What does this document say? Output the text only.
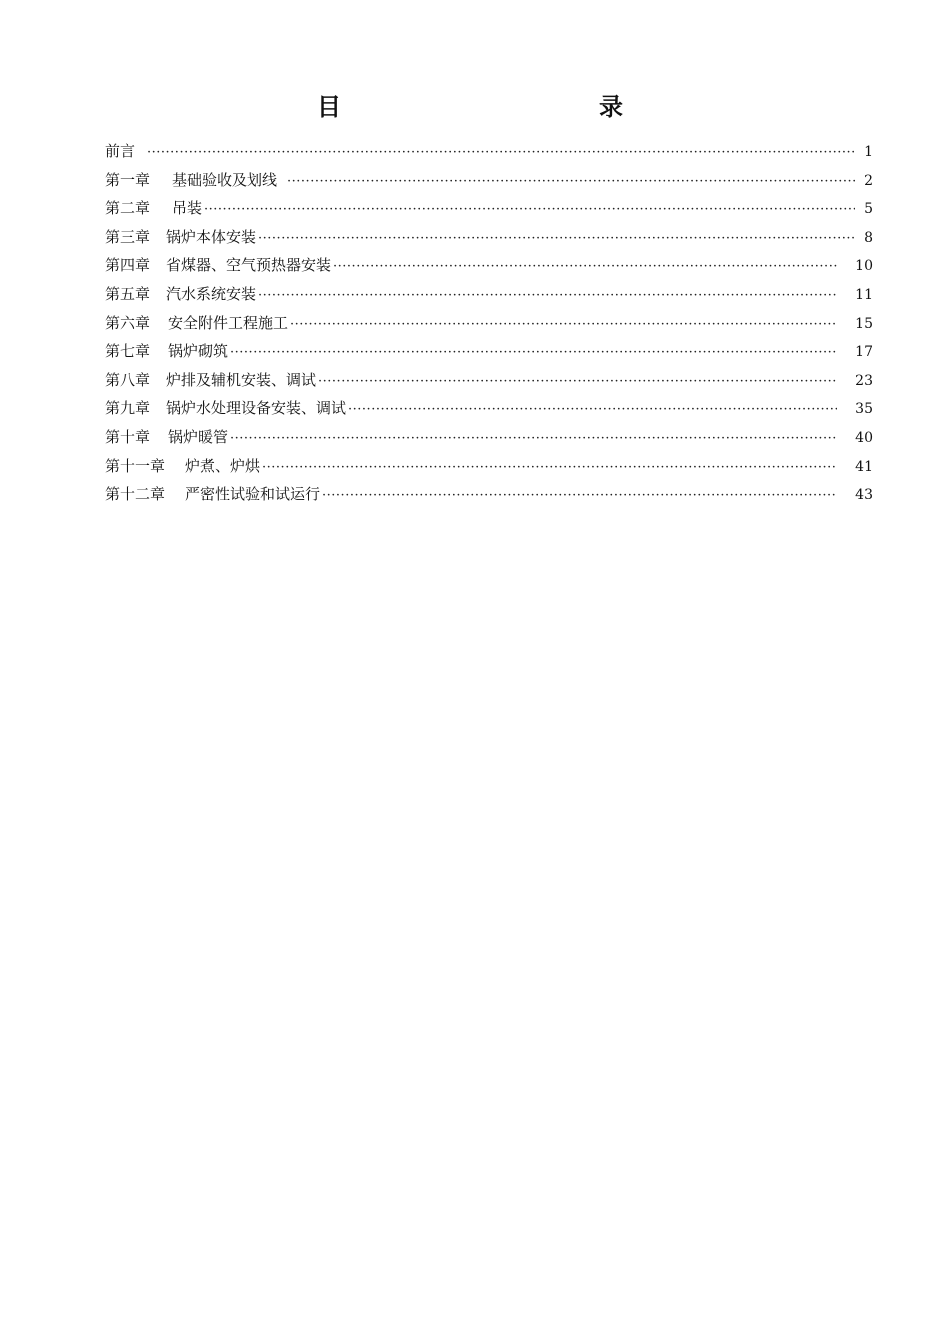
目　　录
前言 ·····	1
第一章 基础验收及划线 ·····	2
第二章 吊装 ·····	5
第三章 锅炉本体安装 ·····	8
第四章 省煤器、空气预热器安装 ·····	10
第五章 汽水系统安装 ·····	11
第六章 安全附件工程施工 ·····	15
第七章 锅炉砌筑 ·····	17
第八章 炉排及辅机安装、调试 ·····	23
第九章 锅炉水处理设备安装、调试 ·····	35
第十章 锅炉暖管 ·····	40
第十一章 炉煮、炉烘 ·····	41
第十二章 严密性试验和试运行 ·····	43
